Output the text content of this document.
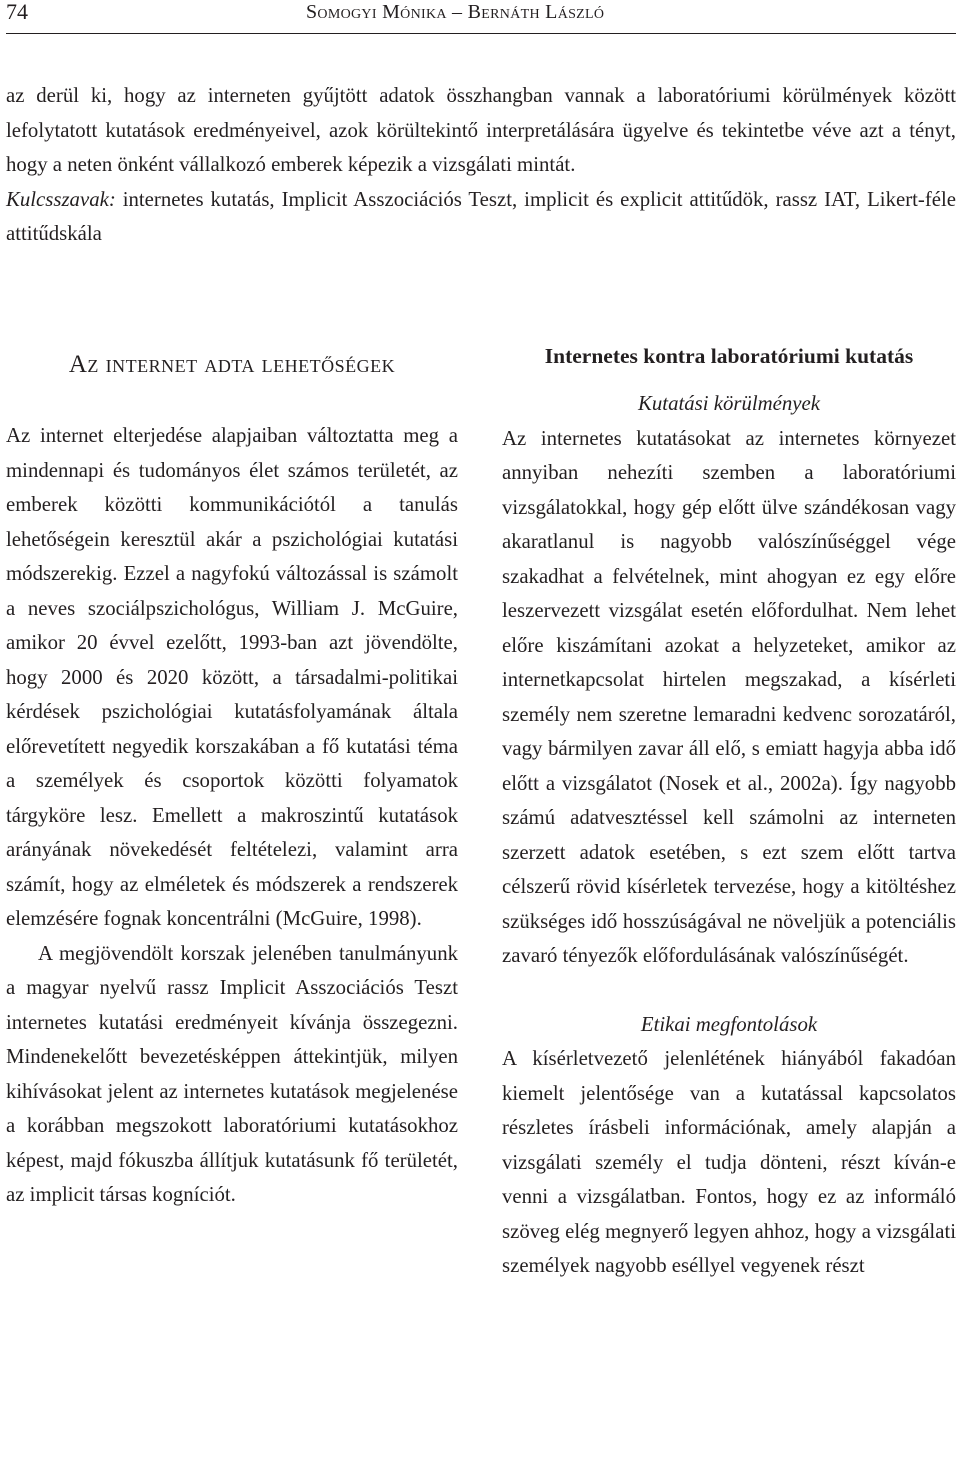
74	Somogyi Mónika – Bernáth László

az derül ki, hogy az interneten gyűjtött adatok összhangban vannak a laboratóriumi körülmények között lefolytatott kutatások eredményeivel, azok körültekintő interpretálására ügyelve és tekintetbe véve azt a tényt, hogy a neten önként vállalkozó emberek képezik a vizsgálati mintát.

Kulcsszavak: internetes kutatás, Implicit Asszociációs Teszt, implicit és explicit attitűdök, rassz IAT, Likert-féle attitűdskála

Az internet adta lehetőségek

Az internet elterjedése alapjaiban változtatta meg a mindennapi és tudományos élet számos területét, az emberek közötti kommunikációtól a tanulás lehetőségein keresztül akár a pszichológiai kutatási módszerekig. Ezzel a nagyfokú változással is számolt a neves szociálpszichológus, William J. McGuire, amikor 20 évvel ezelőtt, 1993-ban azt jövendölte, hogy 2000 és 2020 között, a társadalmi-politikai kérdések pszichológiai kutatásfolyamának általa előrevetített negyedik korszakában a fő kutatási téma a személyek és csoportok közötti folyamatok tárgyköre lesz. Emellett a makroszintű kutatások arányának növekedését feltételezi, valamint arra számít, hogy az elméletek és módszerek a rendszerek elemzésére fognak koncentrálni (McGuire, 1998).

A megjövendölt korszak jelenében tanulmányunk a magyar nyelvű rassz Implicit Asszociációs Teszt internetes kutatási eredményeit kívánja összegezni. Mindenekelőtt bevezetésképpen áttekintjük, milyen kihívásokat jelent az internetes kutatások megjelenése a korábban megszokott laboratóriumi kutatásokhoz képest, majd fókuszba állítjuk kutatásunk fő területét, az implicit társas kogníciót.

Internetes kontra laboratóriumi kutatás
Kutatási körülmények

Az internetes kutatásokat az internetes környezet annyiban nehezíti szemben a laboratóriumi vizsgálatokkal, hogy gép előtt ülve szándékosan vagy akaratlanul is nagyobb valószínűséggel vége szakadhat a felvételnek, mint ahogyan ez egy előre leszervezett vizsgálat esetén előfordulhat. Nem lehet előre kiszámítani azokat a helyzeteket, amikor az internetkapcsolat hirtelen megszakad, a kísérleti személy nem szeretne lemaradni kedvenc sorozatáról, vagy bármilyen zavar áll elő, s emiatt hagyja abba idő előtt a vizsgálatot (Nosek et al., 2002a). Így nagyobb számú adatvesztéssel kell számolni az interneten szerzett adatok esetében, s ezt szem előtt tartva célszerű rövid kísérletek tervezése, hogy a kitöltéshez szükséges idő hosszúságával ne növeljük a potenciális zavaró tényezők előfordulásának valószínűségét.

Etikai megfontolások

A kísérletvezető jelenlétének hiányából fakadóan kiemelt jelentősége van a kutatással kapcsolatos részletes írásbeli információnak, amely alapján a vizsgálati személy el tudja dönteni, részt kíván-e venni a vizsgálatban. Fontos, hogy ez az informáló szöveg elég megnyerő legyen ahhoz, hogy a vizsgálati személyek nagyobb eséllyel vegyenek részt
